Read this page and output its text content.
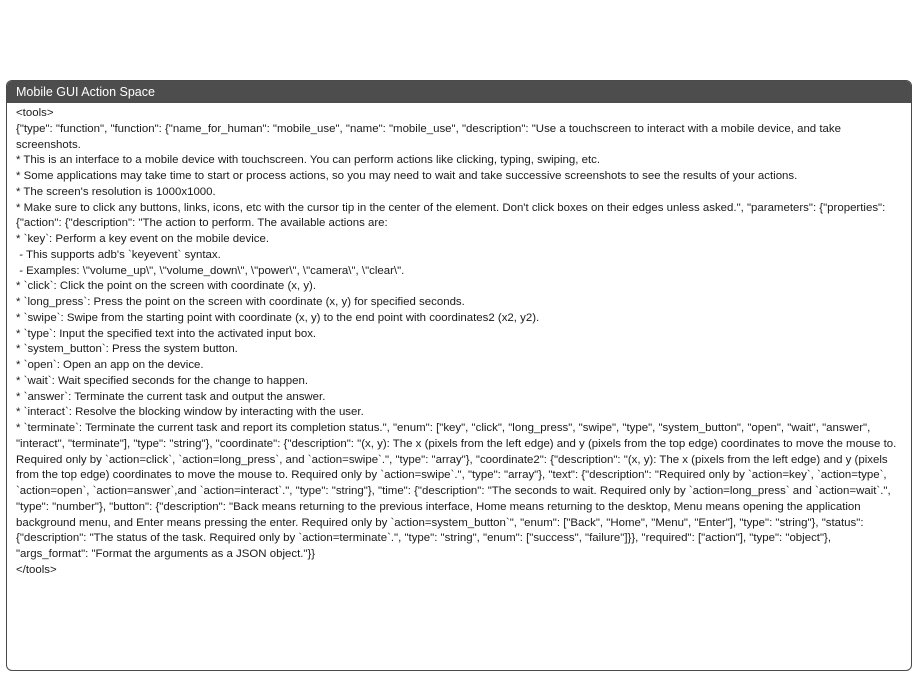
Mobile GUI Action Space
<tools>
{"type": "function", "function": {"name_for_human": "mobile_use", "name": "mobile_use", "description": "Use a touchscreen to interact with a mobile device, and take screenshots.
* This is an interface to a mobile device with touchscreen. You can perform actions like clicking, typing, swiping, etc.
* Some applications may take time to start or process actions, so you may need to wait and take successive screenshots to see the results of your actions.
* The screen's resolution is 1000x1000.
* Make sure to click any buttons, links, icons, etc with the cursor tip in the center of the element. Don't click boxes on their edges unless asked.", "parameters": {"properties": {"action": {"description": "The action to perform. The available actions are:
* `key`: Perform a key event on the mobile device.
- This supports adb's `keyevent` syntax.
- Examples: \"volume_up\", \"volume_down\", \"power\", \"camera\", \"clear\".
* `click`: Click the point on the screen with coordinate (x, y).
* `long_press`: Press the point on the screen with coordinate (x, y) for specified seconds.
* `swipe`: Swipe from the starting point with coordinate (x, y) to the end point with coordinates2 (x2, y2).
* `type`: Input the specified text into the activated input box.
* `system_button`: Press the system button.
* `open`: Open an app on the device.
* `wait`: Wait specified seconds for the change to happen.
* `answer`: Terminate the current task and output the answer.
* `interact`: Resolve the blocking window by interacting with the user.
* `terminate`: Terminate the current task and report its completion status.", "enum": ["key", "click", "long_press", "swipe", "type", "system_button", "open", "wait", "answer", "interact", "terminate"], "type": "string"}, "coordinate": {"description": "(x, y): The x (pixels from the left edge) and y (pixels from the top edge) coordinates to move the mouse to. Required only by `action=click`, `action=long_press`, and `action=swipe`.", "type": "array"}, "coordinate2": {"description": "(x, y): The x (pixels from the left edge) and y (pixels from the top edge) coordinates to move the mouse to. Required only by `action=swipe`.", "type": "array"}, "text": {"description": "Required only by `action=key`, `action=type`, `action=open`, `action=answer`,and `action=interact`.", "type": "string"}, "time": {"description": "The seconds to wait. Required only by `action=long_press` and `action=wait`.", "type": "number"}, "button": {"description": "Back means returning to the previous interface, Home means returning to the desktop, Menu means opening the application background menu, and Enter means pressing the enter. Required only by `action=system_button`", "enum": ["Back", "Home", "Menu", "Enter"], "type": "string"}, "status": {"description": "The status of the task. Required only by `action=terminate`.", "type": "string", "enum": ["success", "failure"]}}, "required": ["action"], "type": "object"}, "args_format": "Format the arguments as a JSON object."}}
</tools>
